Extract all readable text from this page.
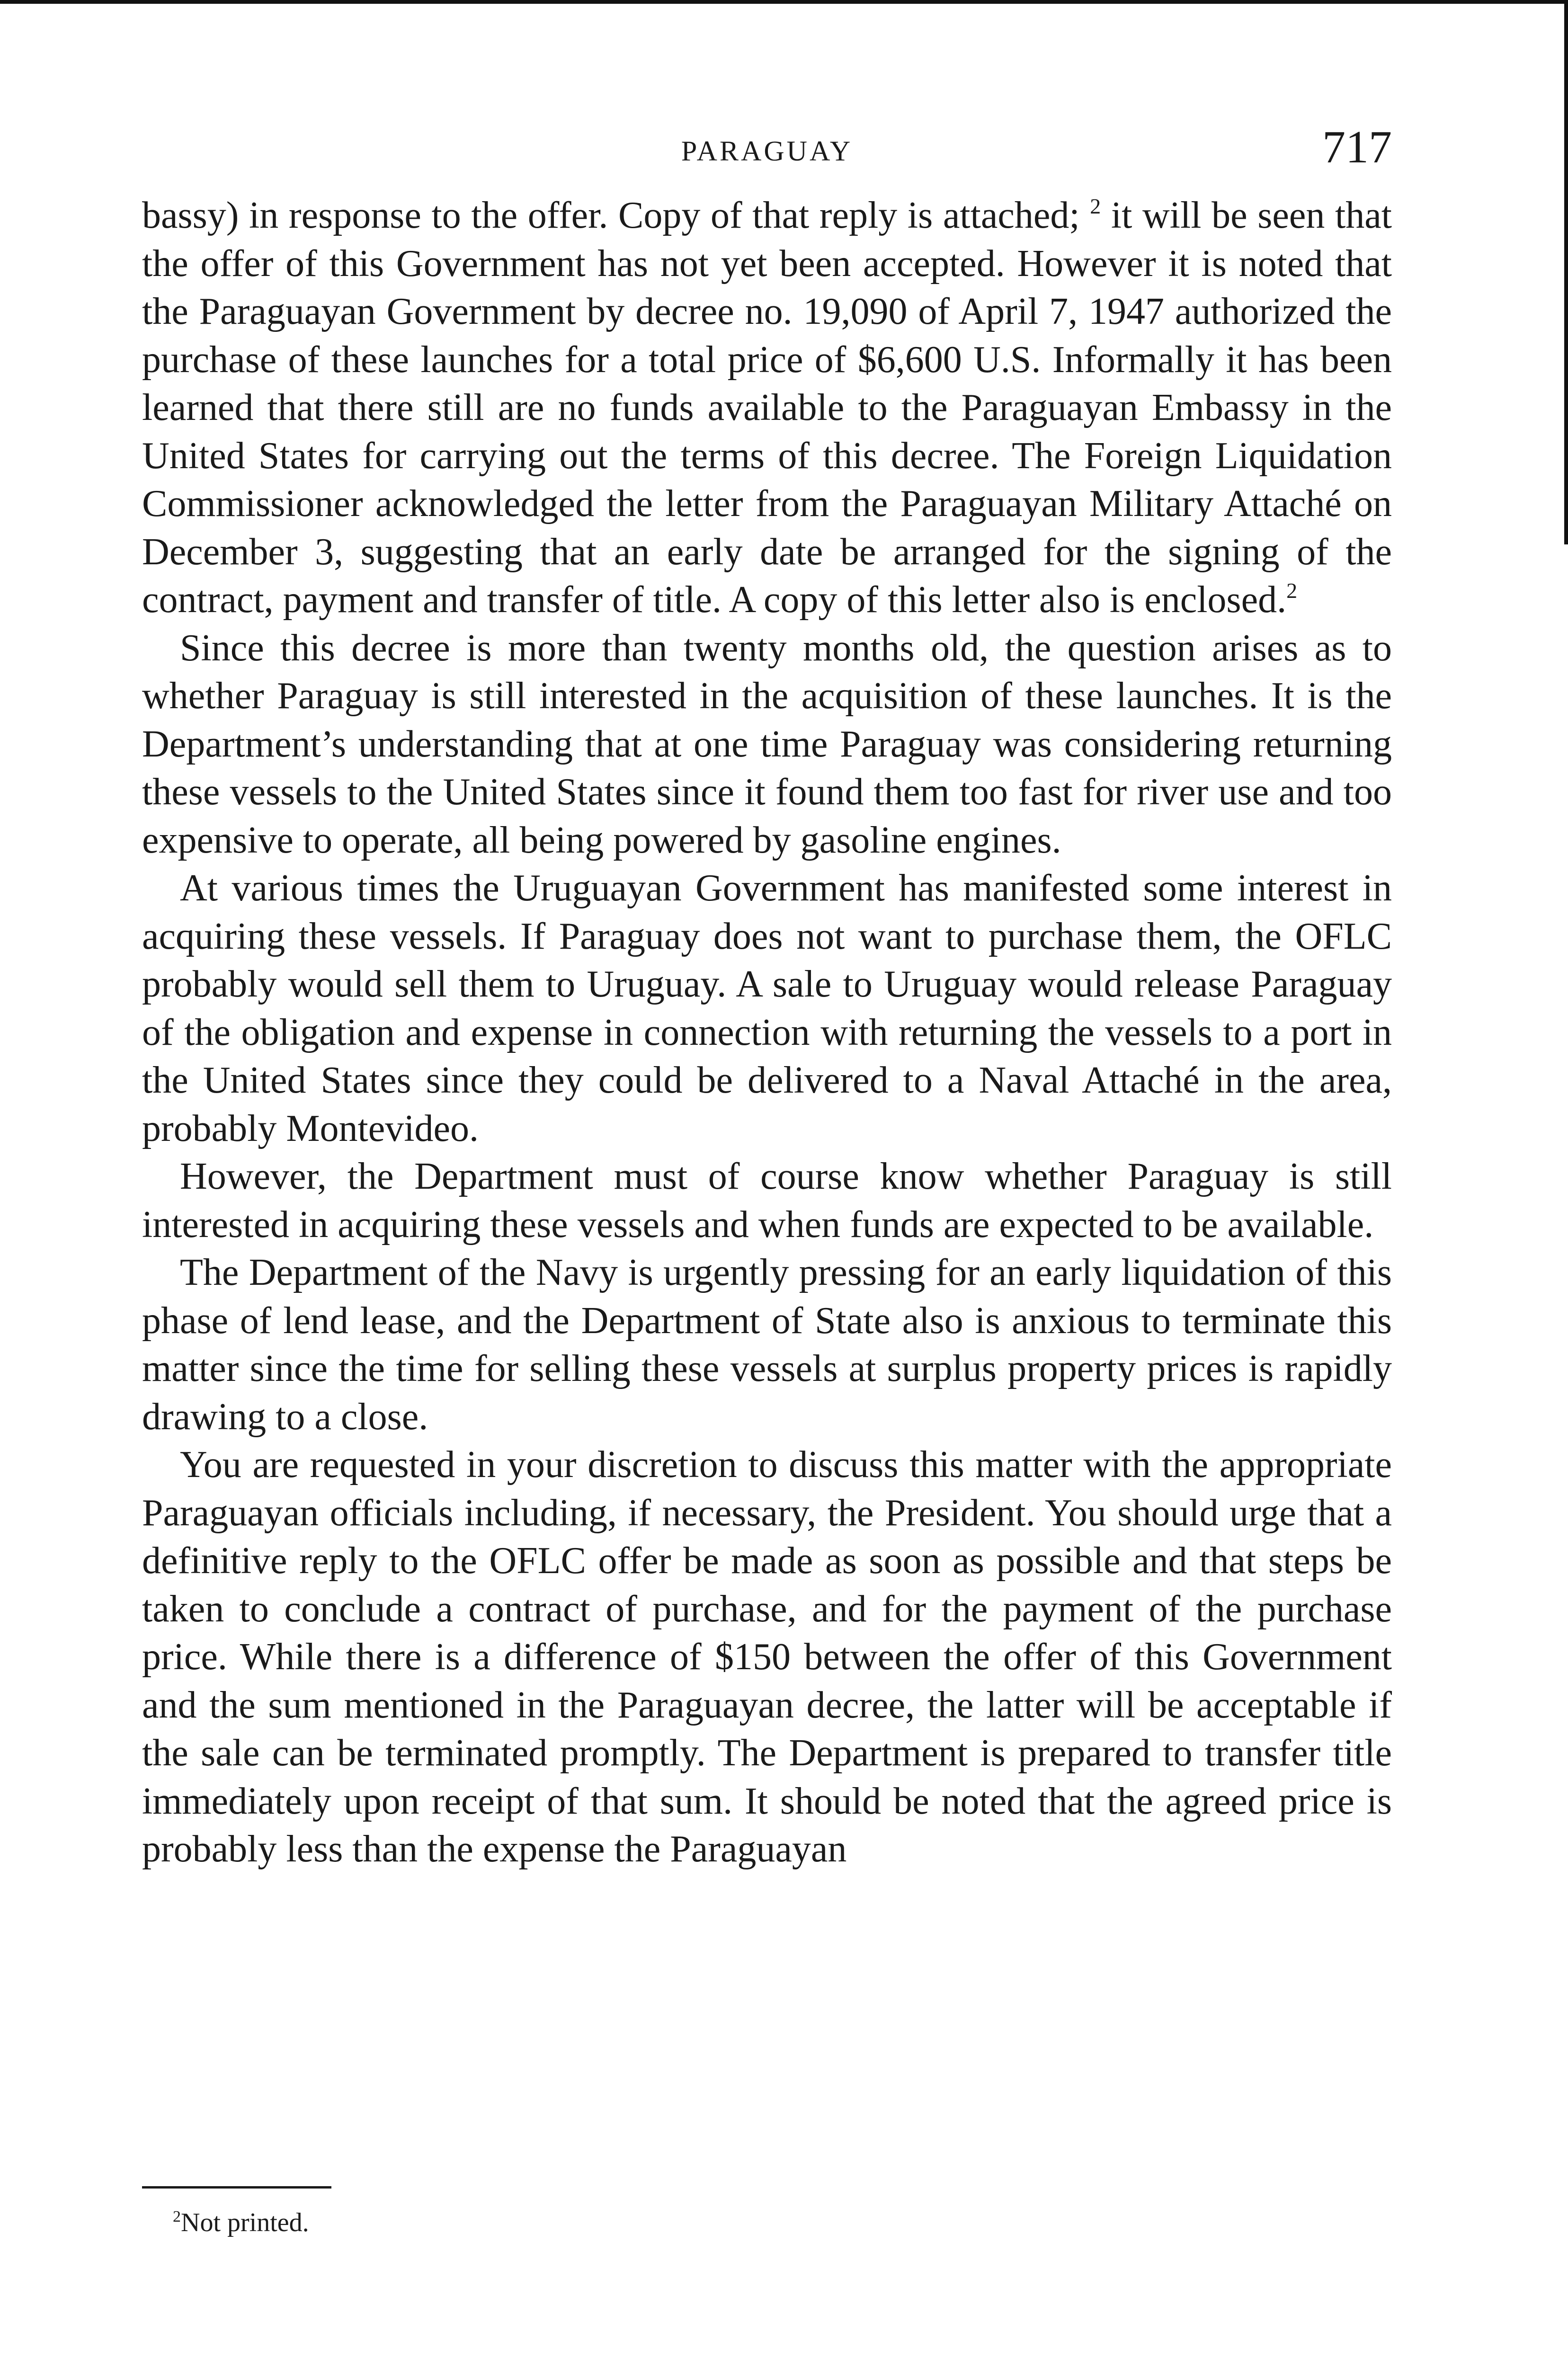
PARAGUAY	717

bassy) in response to the offer. Copy of that reply is attached; $^2$ it will be seen that the offer of this Government has not yet been accepted. However it is noted that the Paraguayan Government by decree no. 19,090 of April 7, 1947 authorized the purchase of these launches for a total price of $6,600 U.S. Informally it has been learned that there still are no funds available to the Paraguayan Embassy in the United States for carrying out the terms of this decree. The Foreign Liquidation Commissioner acknowledged the letter from the Paraguayan Military Attaché on December 3, suggesting that an early date be arranged for the signing of the contract, payment and transfer of title. A copy of this letter also is enclosed.$^2$

Since this decree is more than twenty months old, the question arises as to whether Paraguay is still interested in the acquisition of these launches. It is the Department’s understanding that at one time Paraguay was considering returning these vessels to the United States since it found them too fast for river use and too expensive to operate, all being powered by gasoline engines.

At various times the Uruguayan Government has manifested some interest in acquiring these vessels. If Paraguay does not want to purchase them, the OFLC probably would sell them to Uruguay. A sale to Uruguay would release Paraguay of the obligation and expense in connection with returning the vessels to a port in the United States since they could be delivered to a Naval Attaché in the area, probably Montevideo.

However, the Department must of course know whether Paraguay is still interested in acquiring these vessels and when funds are expected to be available.

The Department of the Navy is urgently pressing for an early liquidation of this phase of lend lease, and the Department of State also is anxious to terminate this matter since the time for selling these vessels at surplus property prices is rapidly drawing to a close.

You are requested in your discretion to discuss this matter with the appropriate Paraguayan officials including, if necessary, the President. You should urge that a definitive reply to the OFLC offer be made as soon as possible and that steps be taken to conclude a contract of purchase, and for the payment of the purchase price. While there is a difference of $150 between the offer of this Government and the sum mentioned in the Paraguayan decree, the latter will be acceptable if the sale can be terminated promptly. The Department is prepared to transfer title immediately upon receipt of that sum. It should be noted that the agreed price is probably less than the expense the Paraguayan

$^2$Not printed.
